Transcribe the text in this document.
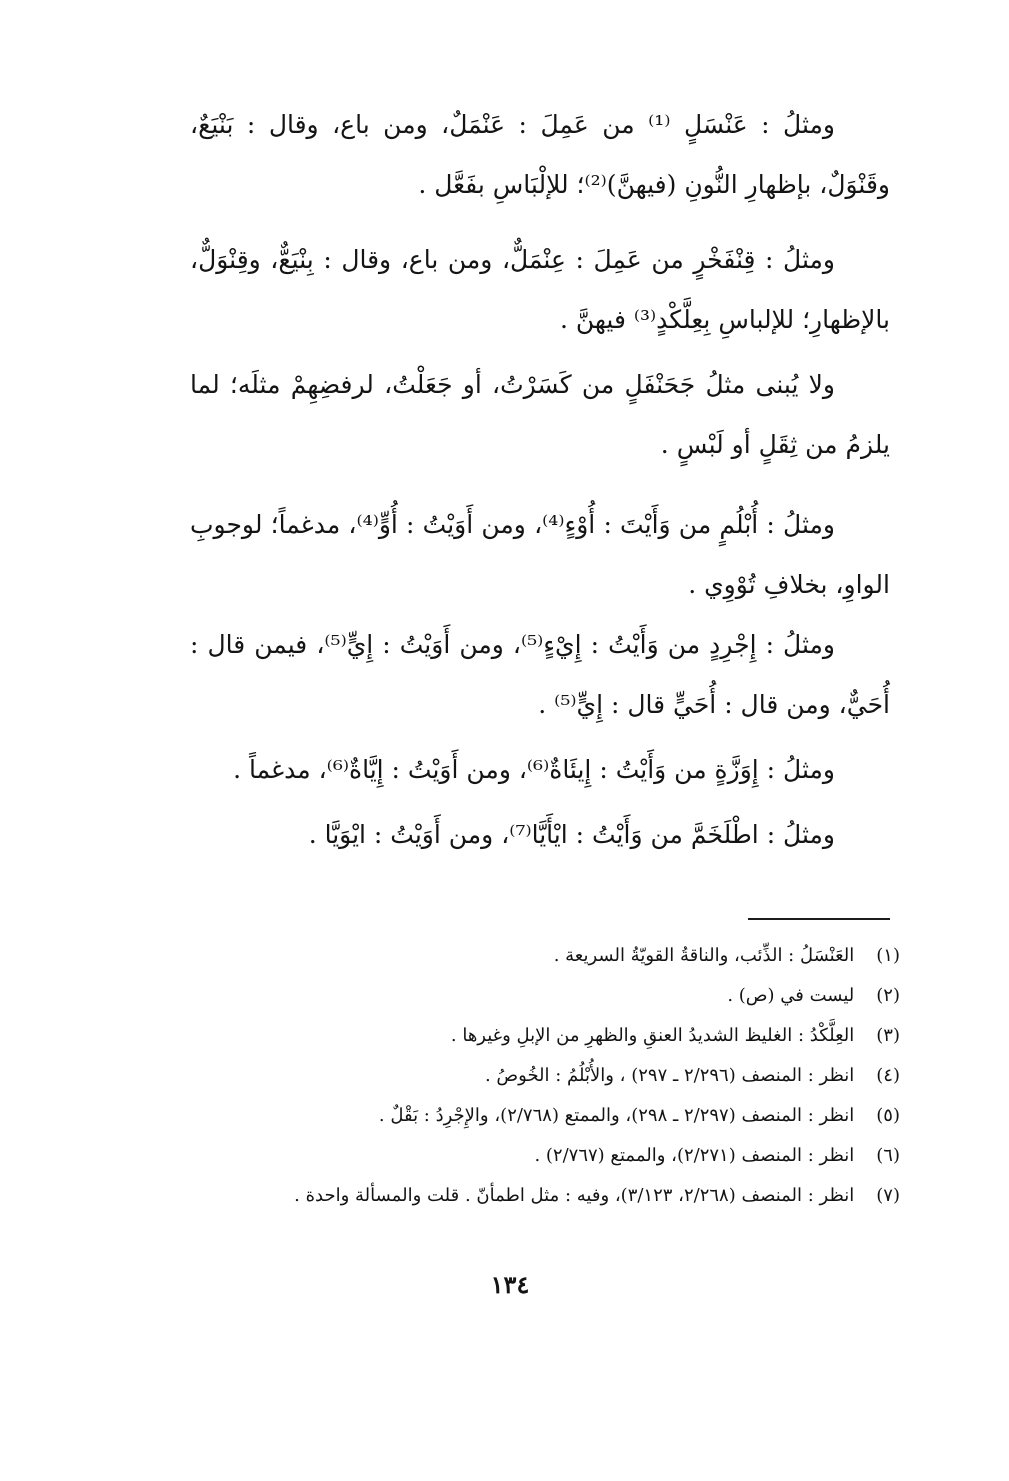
ومثلُ : عَنْسَلٍ ⁽¹⁾ من عَمِلَ : عَنْمَلٌ، ومن باع، وقال : بَنْيَعٌ، وقَنْوَلٌ، بإظهارِ النُّونِ (فيهنَّ)⁽²⁾؛ للإلْبَاسِ بفَعَّل .

ومثلُ : قِنْفَخْرٍ من عَمِلَ : عِنْمَلٌّ، ومن باع، وقال : بِنْيَعٌّ، وقِنْوَلٌّ، بالإظهارِ؛ للإلباسِ بِعِلَّكْدٍ⁽³⁾ فيهنَّ .

ولا يُبنى مثلُ جَحَنْفَلٍ من كَسَرْتُ، أو جَعَلْتُ، لرفضِهِمْ مثلَه؛ لما يلزمُ من ثِقَلٍ أو لَبْسٍ .

ومثلُ : أُبْلُمٍ من وَأَيْتَ : أُوْءٍ⁽⁴⁾، ومن أَوَيْتُ : أُوٍّ⁽⁴⁾، مدغماً؛ لوجوبِ الواوِ، بخلافِ تُوْوِي .

ومثلُ : إِجْرِدٍ من وَأَيْتُ : إِيْءٍ⁽⁵⁾، ومن أَوَيْتُ : إِيٍّ⁽⁵⁾، فيمن قال : أُحَيٌّ، ومن قال : أُحَيٍّ قال : إِيٍّ⁽⁵⁾ .

ومثلُ : إِوَزَّةٍ من وَأَيْتُ : إِيئَاةٌ⁽⁶⁾، ومن أَوَيْتُ : إِيَّاةٌ⁽⁶⁾، مدغماً .

ومثلُ : اطْلَخَمَّ من وَأَيْتُ : ايْأَيَّا⁽⁷⁾، ومن أَوَيْتُ : ايْوَيَّا .

(١) العَنْسَلُ : الذِّئب، والناقةُ القويّةُ السريعة .

(٢) ليست في (ص) .

(٣) العِلَّكْدُ : الغليظ الشديدُ العنقِ والظهرِ من الإبلِ وغيرها .

(٤) انظر : المنصف (٢/٢٩٦ ـ ٢٩٧) ، والأُبْلُمُ : الخُوصُ .

(٥) انظر : المنصف (٢/٢٩٧ ـ ٢٩٨)، والممتع (٢/٧٦٨)، والإِجْرِدُ : بَقْلٌ .

(٦) انظر : المنصف (٢/٢٧١)، والممتع (٢/٧٦٧) .

(٧) انظر : المنصف (٢/٢٦٨، ٣/١٢٣)، وفيه : مثل اطمأنّ . قلت والمسألة واحدة .

١٣٤
